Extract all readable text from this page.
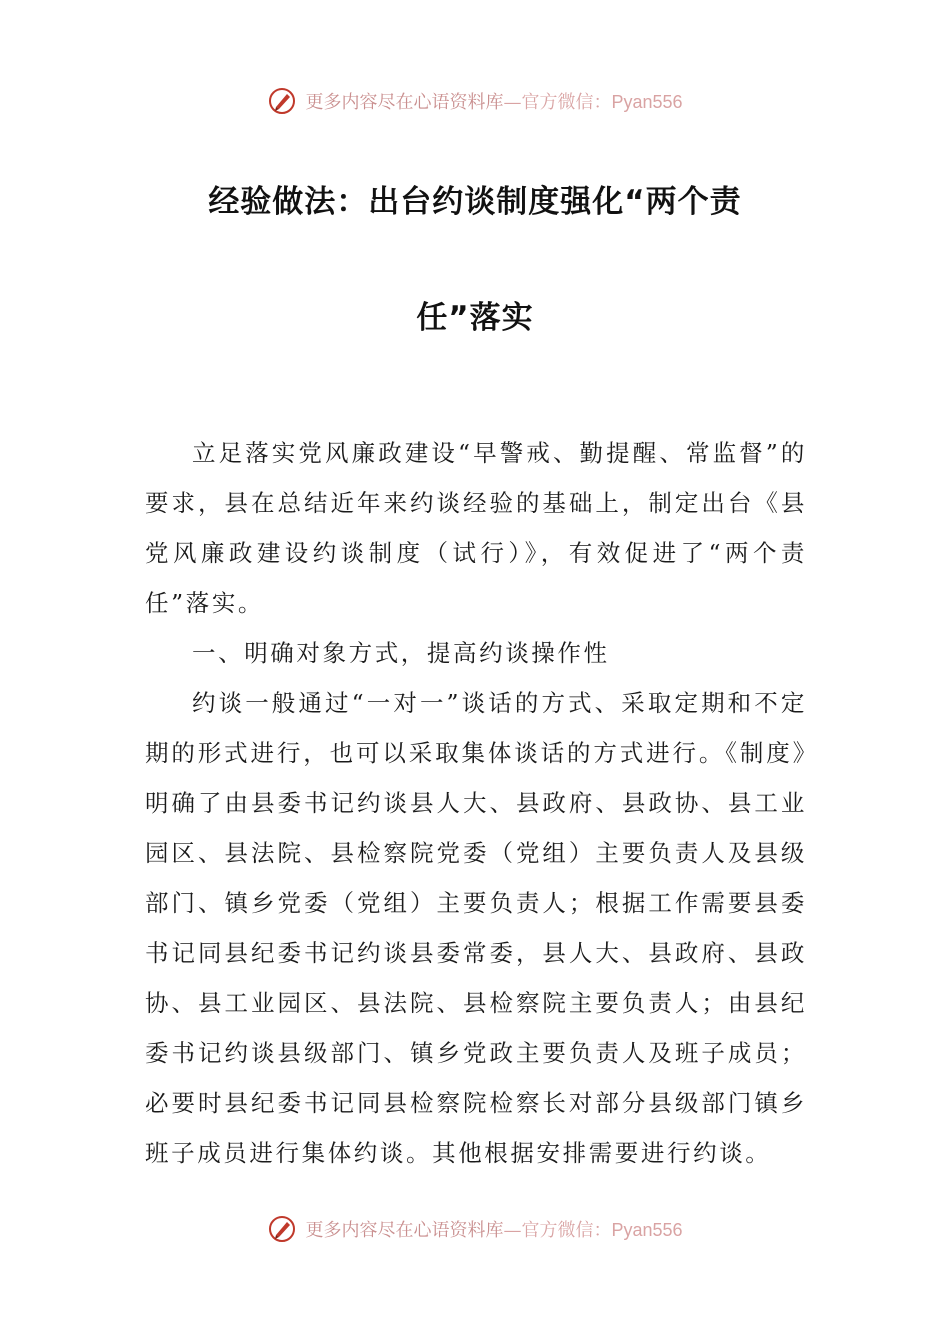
更多内容尽在心语资料库—官方微信：Pyan556
经验做法：出台约谈制度强化“两个责
任”落实

立足落实党风廉政建设“早警戒、勤提醒、常监督”的要求，县在总结近年来约谈经验的基础上，制定出台《县党风廉政建设约谈制度（试行）》，有效促进了“两个责任”落实。

一、明确对象方式，提高约谈操作性

约谈一般通过“一对一”谈话的方式、采取定期和不定期的形式进行，也可以采取集体谈话的方式进行。《制度》明确了由县委书记约谈县人大、县政府、县政协、县工业园区、县法院、县检察院党委（党组）主要负责人及县级部门、镇乡党委（党组）主要负责人；根据工作需要县委书记同县纪委书记约谈县委常委，县人大、县政府、县政协、县工业园区、县法院、县检察院主要负责人；由县纪委书记约谈县级部门、镇乡党政主要负责人及班子成员；必要时县纪委书记同县检察院检察长对部分县级部门镇乡班子成员进行集体约谈。其他根据安排需要进行约谈。

更多内容尽在心语资料库—官方微信：Pyan556
